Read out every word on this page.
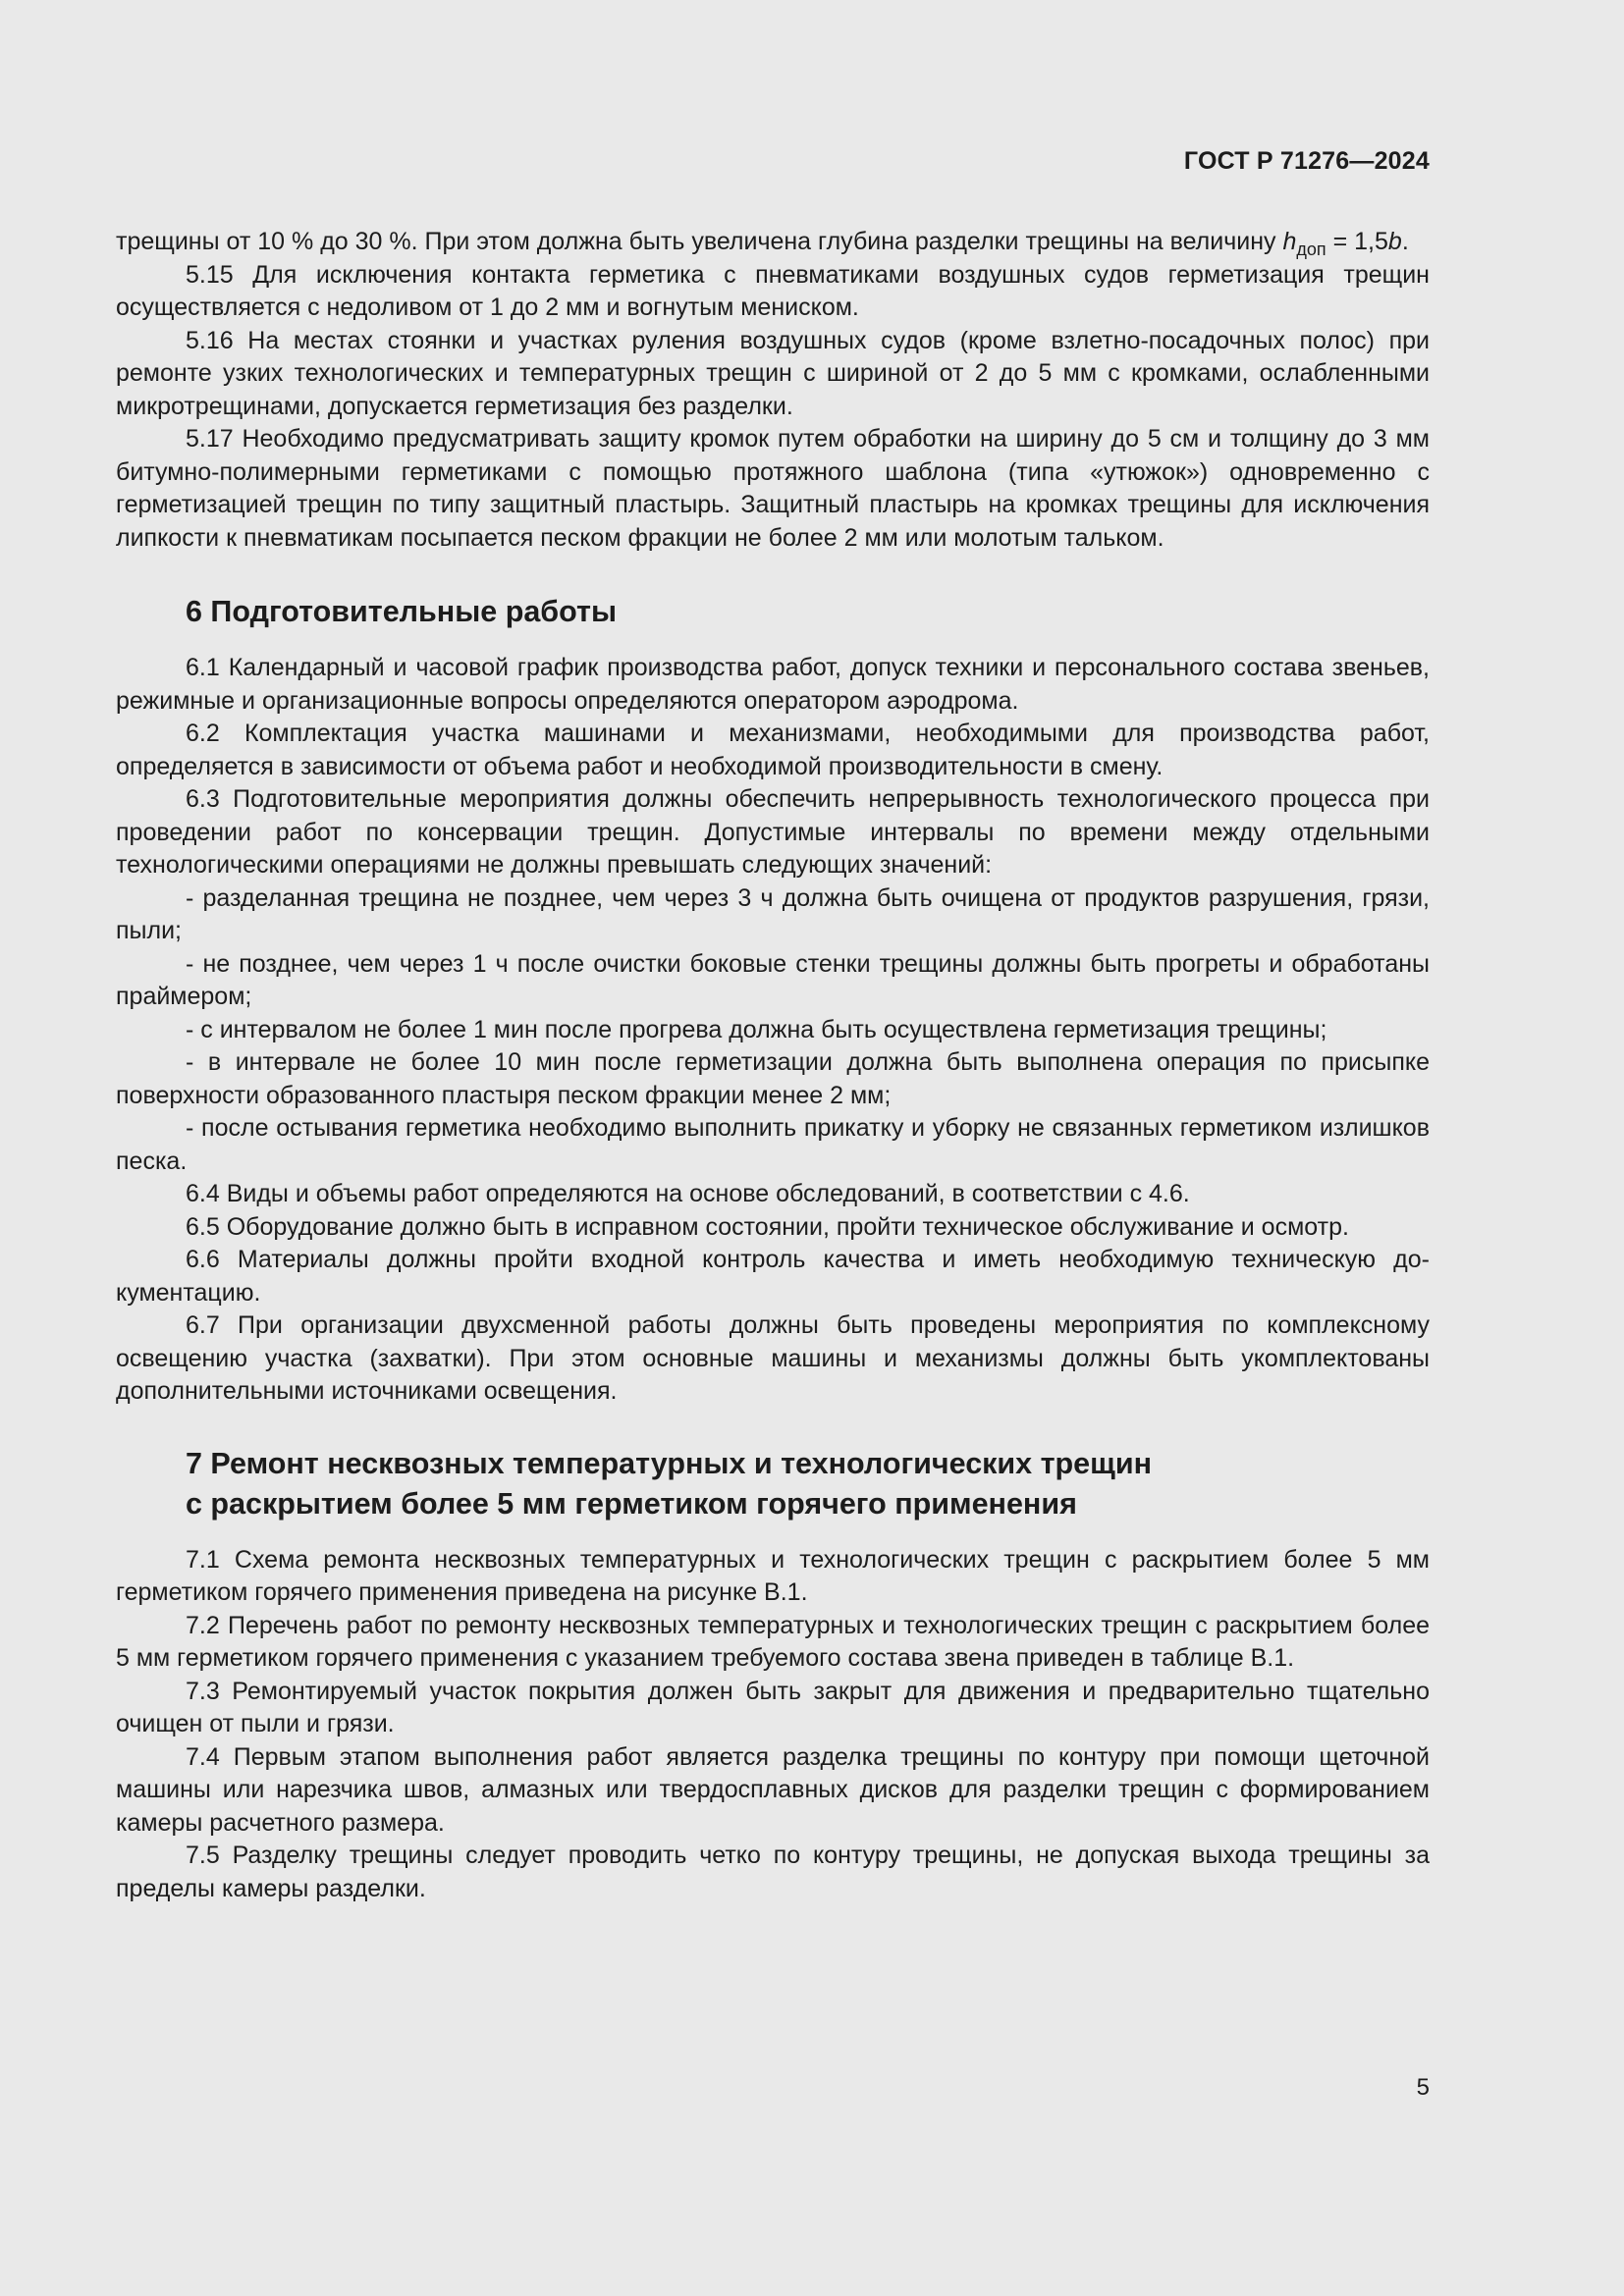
ГОСТ Р 71276—2024

трещины от 10 % до 30 %. При этом должна быть увеличена глубина разделки трещины на величину $h_{доп} = 1,5b$.

5.15 Для исключения контакта герметика с пневматиками воздушных судов герметизация трещин осуществляется с недоливом от 1 до 2 мм и вогнутым мениском.

5.16 На местах стоянки и участках руления воздушных судов (кроме взлетно-посадочных полос) при ремонте узких технологических и температурных трещин с шириной от 2 до 5 мм с кромками, ослабленными микротрещинами, допускается герметизация без разделки.

5.17 Необходимо предусматривать защиту кромок путем обработки на ширину до 5 см и толщину до 3 мм битумно-полимерными герметиками с помощью протяжного шаблона (типа «утюжок») одновременно с герметизацией трещин по типу защитный пластырь. Защитный пластырь на кромках трещины для исключения липкости к пневматикам посыпается песком фракции не более 2 мм или молотым тальком.

6 Подготовительные работы

6.1 Календарный и часовой график производства работ, допуск техники и персонального состава звеньев, режимные и организационные вопросы определяются оператором аэродрома.

6.2 Комплектация участка машинами и механизмами, необходимыми для производства работ, определяется в зависимости от объема работ и необходимой производительности в смену.

6.3 Подготовительные мероприятия должны обеспечить непрерывность технологического процесса при проведении работ по консервации трещин. Допустимые интервалы по времени между отдельными технологическими операциями не должны превышать следующих значений:

- разделанная трещина не позднее, чем через 3 ч должна быть очищена от продуктов разрушения, грязи, пыли;

- не позднее, чем через 1 ч после очистки боковые стенки трещины должны быть прогреты и обработаны праймером;

- с интервалом не более 1 мин после прогрева должна быть осуществлена герметизация трещины;

- в интервале не более 10 мин после герметизации должна быть выполнена операция по присыпке поверхности образованного пластыря песком фракции менее 2 мм;

- после остывания герметика необходимо выполнить прикатку и уборку не связанных герметиком излишков песка.

6.4 Виды и объемы работ определяются на основе обследований, в соответствии с 4.6.

6.5 Оборудование должно быть в исправном состоянии, пройти техническое обслуживание и осмотр.

6.6 Материалы должны пройти входной контроль качества и иметь необходимую техническую документацию.

6.7 При организации двухсменной работы должны быть проведены мероприятия по комплексному освещению участка (захватки). При этом основные машины и механизмы должны быть укомплектованы дополнительными источниками освещения.

7 Ремонт несквозных температурных и технологических трещин
с раскрытием более 5 мм герметиком горячего применения

7.1 Схема ремонта несквозных температурных и технологических трещин с раскрытием более 5 мм герметиком горячего применения приведена на рисунке В.1.

7.2 Перечень работ по ремонту несквозных температурных и технологических трещин с раскрытием более 5 мм герметиком горячего применения с указанием требуемого состава звена приведен в таблице В.1.

7.3 Ремонтируемый участок покрытия должен быть закрыт для движения и предварительно тщательно очищен от пыли и грязи.

7.4 Первым этапом выполнения работ является разделка трещины по контуру при помощи щеточной машины или нарезчика швов, алмазных или твердосплавных дисков для разделки трещин с формированием камеры расчетного размера.

7.5 Разделку трещины следует проводить четко по контуру трещины, не допуская выхода трещины за пределы камеры разделки.

5
